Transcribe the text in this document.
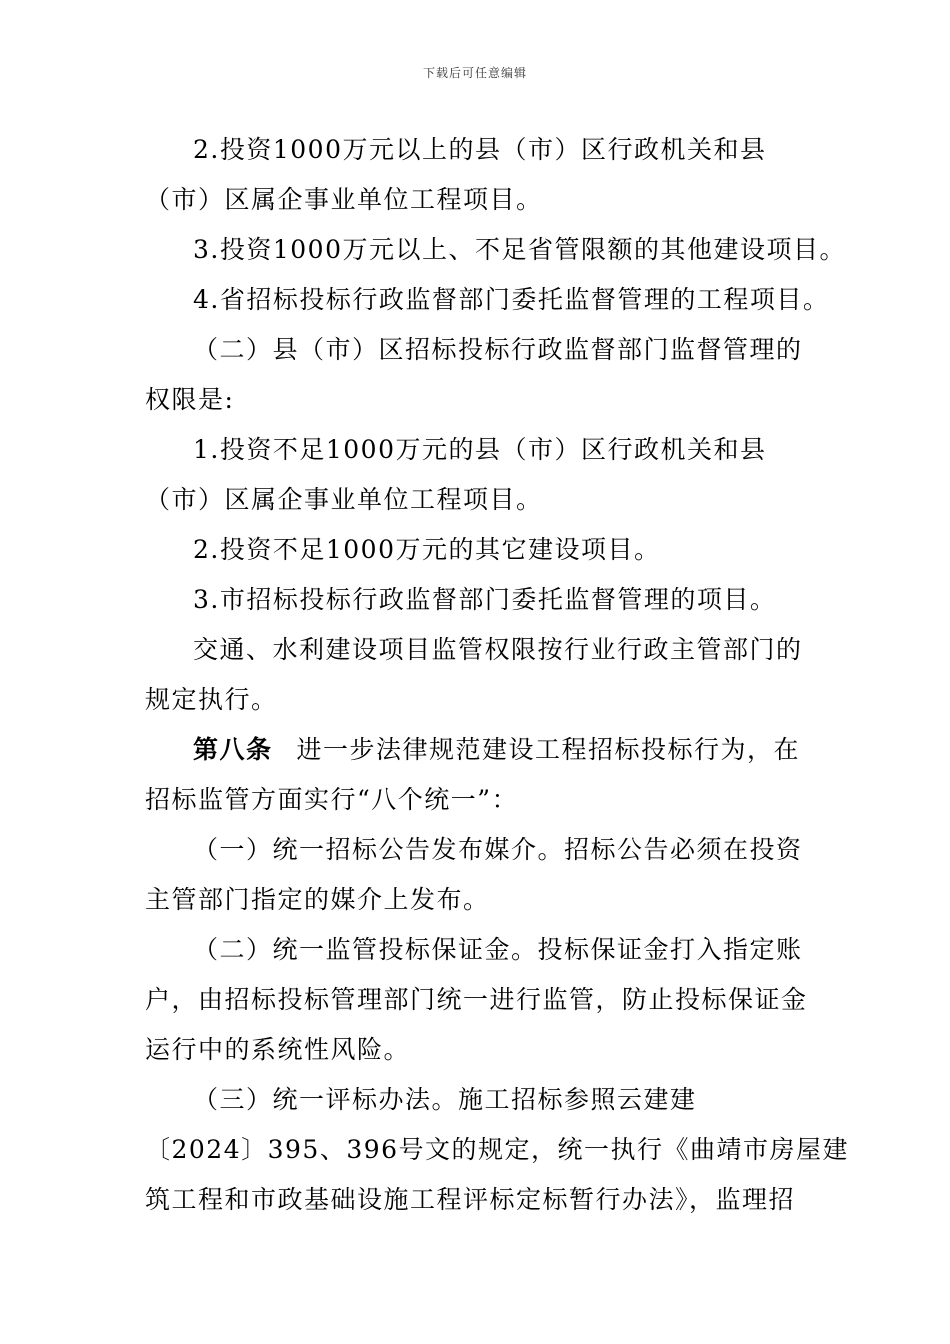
下载后可任意编辑
2.投资1000万元以上的县（市）区行政机关和县
（市）区属企事业单位工程项目。
3.投资1000万元以上、不足省管限额的其他建设项目。
4.省招标投标行政监督部门委托监督管理的工程项目。
（二）县（市）区招标投标行政监督部门监督管理的
权限是:
1.投资不足1000万元的县（市）区行政机关和县
（市）区属企事业单位工程项目。
2.投资不足1000万元的其它建设项目。
3.市招标投标行政监督部门委托监督管理的项目。
交通、水利建设项目监管权限按行业行政主管部门的
规定执行。
第八条 进一步法律规范建设工程招标投标行为，在
招标监管方面实行“八个统一”：
（一）统一招标公告发布媒介。招标公告必须在投资
主管部门指定的媒介上发布。
（二）统一监管投标保证金。投标保证金打入指定账
户，由招标投标管理部门统一进行监管，防止投标保证金
运行中的系统性风险。
（三）统一评标办法。施工招标参照云建建
〔2024〕395、396号文的规定，统一执行《曲靖市房屋建
筑工程和市政基础设施工程评标定标暂行办法》，监理招
